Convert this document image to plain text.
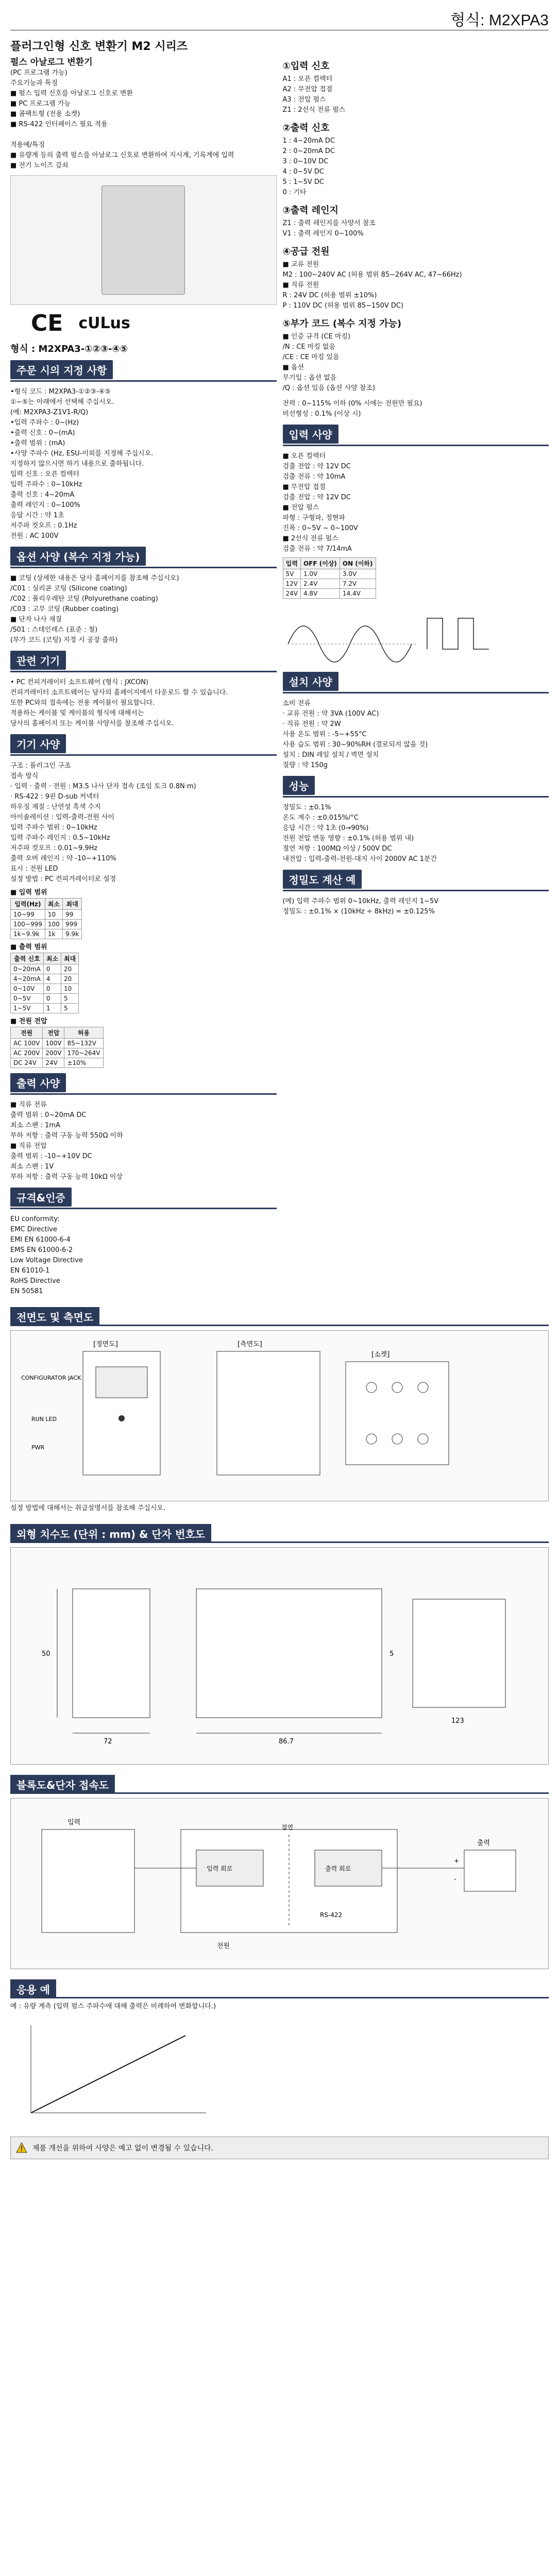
형식: M2XPA3
플러그인형 신호 변환기 M2 시리즈
펄스 아날로그 변환기
(PC 프로그램 가능)
주요기능과 특징
■ 펄스 입력 신호를 아날로그 신호로 변환
■ PC 프로그램 가능
■ 콤팩트형 (전용 소켓)
■ RS-422 인터페이스 필요 적용

적용예/특징
■ 유량계 등의 출력 펄스를 아날로그 신호로 변환하여 지시계, 기록계에 입력
■ 전기 노이즈 감쇠
CE cULus
형식 : M2XPA3-①②③-④⑤
주문 시의 지정 사항
•형식 코드 : M2XPA3-①②③-④⑤
①~⑤는 아래에서 선택해 주십시오.
(예: M2XPA3-Z1V1-R/Q)
•입력 주파수 : 0~(Hz)
•출력 신호 : 0~(mA)
•출력 범위 : (mA)
•사양 주파수 (Hz, ESU-이외를 지정해 주십시오.
지정하지 않으시면 하기 내용으로 출하됩니다.
입력 신호 : 오픈 컬렉터
입력 주파수 : 0~10kHz
출력 신호 : 4~20mA
출력 레인지 : 0~100%
응답 시간 : 약 1초
저주파 컷오프 : 0.1Hz
전원 : AC 100V
옵션 사양 (복수 지정 가능)
■ 코팅 (상세한 내용은 당사 홈페이지를 참조해 주십시오)
/C01 : 실리콘 코팅 (Silicone coating)
/C02 : 폴리우레탄 코팅 (Polyurethane coating)
/C03 : 고무 코팅 (Rubber coating)
■ 단자 나사 재질
/S01 : 스테인레스 (표준 : 철)
(부가 코드 (코팅) 지정 시 공장 출하)
관련 기기
• PC 컨피겨레이터 소프트웨어 (형식 : JXCON)
컨피겨레이터 소프트웨어는 당사의 홈페이지에서 다운로드 할 수 있습니다.
또한 PC와의 접속에는 전용 케이블이 필요합니다.
적용하는 케이블 및 케이블의 형식에 대해서는
당사의 홈페이지 또는 케이블 사양서를 참조해 주십시오.
기기 사양
구조 : 플러그인 구조
접속 방식
· 입력 · 출력 · 전원 : M3.5 나사 단자 접속 (조임 토크 0.8N·m)
· RS-422 : 9핀 D-sub 커넥터
하우징 재질 : 난연성 흑색 수지
아이솔레이션 : 입력-출력-전원 사이
입력 주파수 범위 : 0~10kHz
입력 주파수 레인지 : 0.5~10kHz
저주파 컷오프 : 0.01~9.9Hz
출력 오버 레인지 : 약 -10~+110%
표시 : 전원 LED
설정 방법 : PC 컨피겨레이터로 설정
■ 입력 범위
입력(Hz)	최소	최대
10~99	10	99
100~999	100	999
1k~9.9k	1k	9.9k
■ 출력 범위
출력 신호	최소	최대
0~20mA	0	20
4~20mA	4	20
0~10V	0	10
0~5V	0	5
1~5V	1	5
■ 전원 전압
전원	전압	허용
AC 100V	100V	85~132V
AC 200V	200V	170~264V
DC 24V	24V	±10%
출력 사양
■ 직류 전류
출력 범위 : 0~20mA DC
최소 스팬 : 1mA
부하 저항 : 출력 구동 능력 550Ω 이하
■ 직류 전압
출력 범위 : -10~+10V DC
최소 스팬 : 1V
부하 저항 : 출력 구동 능력 10kΩ 이상
규격&인증
EU conformity:
EMC Directive
EMI EN 61000-6-4
EMS EN 61000-6-2
Low Voltage Directive
EN 61010-1
RoHS Directive
EN 50581
①입력 신호
A1 : 오픈 컬렉터
A2 : 무전압 접점
A3 : 전압 펄스
Z1 : 2선식 전류 펄스
②출력 신호
1 : 4~20mA DC
2 : 0~20mA DC
3 : 0~10V DC
4 : 0~5V DC
5 : 1~5V DC
0 : 기타
③출력 레인지
Z1 : 출력 레인지를 사양서 참조
V1 : 출력 레인지 0~100%
④공급 전원
■ 교류 전원
M2 : 100~240V AC (허용 범위 85~264V AC, 47~66Hz)
■ 직류 전원
R : 24V DC (허용 범위 ±10%)
P : 110V DC (허용 범위 85~150V DC)
⑤부가 코드 (복수 지정 가능)
■ 인증 규격 (CE 마킹)
/N : CE 마킹 없음
/CE : CE 마킹 있음
■ 옵션
무기입 : 옵션 없음
/Q : 옵션 있음 (옵션 사양 참조)
전력 : 0~115% 이하 (0% 시에는 전원만 필요)
비선형성 : 0.1% (이상 시)
입력 사양
■ 오픈 컬렉터
검출 전압 : 약 12V DC
검출 전류 : 약 10mA
■ 무전압 접점
검출 전압 : 약 12V DC
■ 전압 펄스
파형 : 구형파, 정현파
진폭 : 0~5V ~ 0~100V
■ 2선식 전류 펄스
검출 전류 : 약 7/14mA
입력	OFF (이상)	ON (이하)
5V	1.0V	3.0V
12V	2.4V	7.2V
24V	4.8V	14.4V
설치 사양
소비 전류
· 교류 전원 : 약 3VA (100V AC)
· 직류 전원 : 약 2W
사용 온도 범위 : -5~+55°C
사용 습도 범위 : 30~90%RH (결로되지 않을 것)
설치 : DIN 레일 설치 / 벽면 설치
질량 : 약 150g
성능
정밀도 : ±0.1%
온도 계수 : ±0.015%/°C
응답 시간 : 약 1초 (0→90%)
전원 전압 변동 영향 : ±0.1% (허용 범위 내)
절연 저항 : 100MΩ 이상 / 500V DC
내전압 : 입력-출력-전원-대지 사이 2000V AC 1분간
정밀도 계산 예
(예) 입력 주파수 범위 0~10kHz, 출력 레인지 1~5V
정밀도 : ±0.1% × (10kHz ÷ 8kHz) = ±0.125%
전면도 및 측면도
[정면도]	[측면도]
[소켓]
CONFIGURATOR JACK
RUN LED
PWR
설정 방법에 대해서는 취급설명서를 참조해 주십시오.
외형 치수도 (단위 : mm) & 단자 번호도
72
50
86.7
5
123
블록도&단자 접속도
입력
출력
전원
입력 회로	출력 회로
절연
RS-422
+
-
응용 예
예 : 유량 계측 (입력 펄스 주파수에 대해 출력은 비례하여 변화합니다.)
제품 개선을 위하여 사양은 예고 없이 변경될 수 있습니다.
